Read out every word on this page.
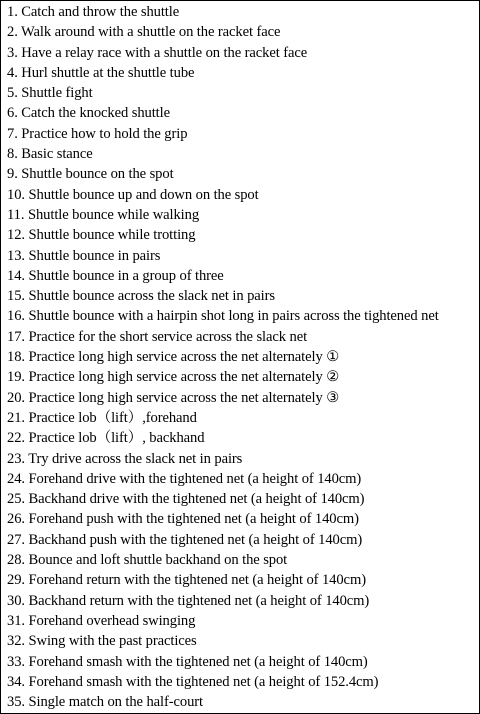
1. Catch and throw the shuttle
2. Walk around with a shuttle on the racket face
3. Have a relay race with a shuttle on the racket face
4. Hurl shuttle at the shuttle tube
5. Shuttle fight
6. Catch the knocked shuttle
7. Practice how to hold the grip
8. Basic stance
9. Shuttle bounce on the spot
10. Shuttle bounce up and down on the spot
11. Shuttle bounce while walking
12. Shuttle bounce while trotting
13. Shuttle bounce in pairs
14. Shuttle bounce in a group of three
15. Shuttle bounce across the slack net in pairs
16. Shuttle bounce with a hairpin shot long in pairs across the tightened net
17. Practice for the short service across the slack net
18. Practice long high service across the net alternately ①
19. Practice long high service across the net alternately ②
20. Practice long high service across the net alternately ③
21. Practice lob（lift）,forehand
22. Practice lob（lift）, backhand
23. Try drive across the slack net in pairs
24. Forehand drive with the tightened net (a height of 140cm)
25. Backhand drive with the tightened net (a height of 140cm)
26. Forehand push with the tightened net (a height of 140cm)
27. Backhand push with the tightened net (a height of 140cm)
28. Bounce and loft shuttle backhand on the spot
29. Forehand return with the tightened net (a height of 140cm)
30. Backhand return with the tightened net (a height of 140cm)
31. Forehand overhead swinging
32. Swing with the past practices
33. Forehand smash with the tightened net (a height of 140cm)
34. Forehand smash with the tightened net (a height of 152.4cm)
35. Single match on the half-court
